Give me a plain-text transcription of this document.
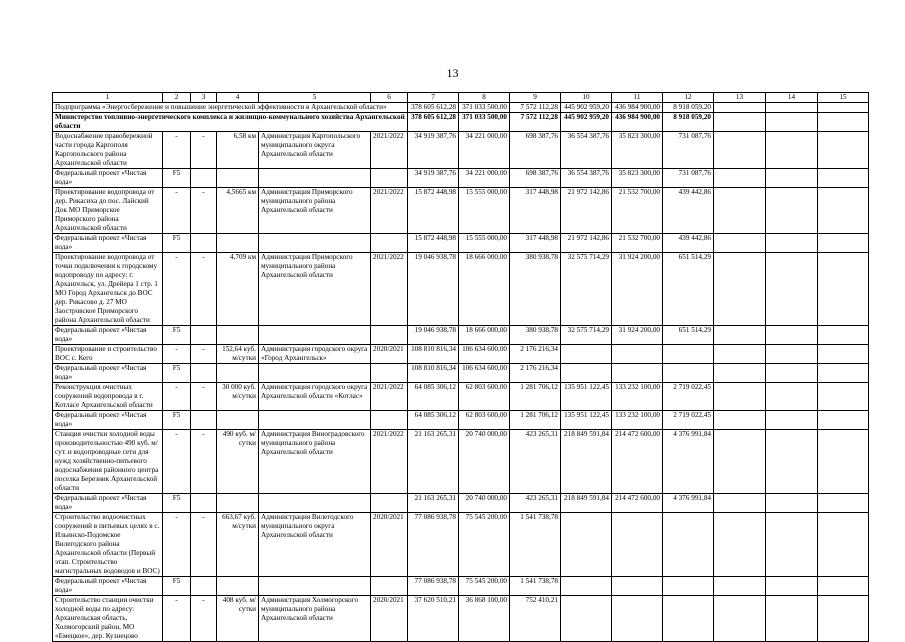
13
1	2	3	4	5	6	7	8	9	10	11	12	13	14	15
Подпрограмма «Энергосбережение и повышение энергетической эффективности в Архангельской области»						378 605 612,28	371 033 500,00	7 572 112,28	445 902 959,20	436 984 900,00	8 918 059,20			
Министерство топливно-энергетического комплекса и жилищно-коммунального хозяйства Архангельской области						378 605 612,28	371 033 500,00	7 572 112,28	445 902 959,20	436 984 900,00	8 918 059,20			
Водоснабжение правобережной части города Каргополя Каргопольского района Архангельской области	-	-	6,58 км	Администрация Каргопольского муниципального округа Архангельской области	2021/2022	34 919 387,76	34 221 000,00	698 387,76	36 554 387,76	35 823 300,00	731 087,76			
Федеральный проект «Чистая вода»	F5					34 919 387,76	34 221 000,00	698 387,76	36 554 387,76	35 823 300,00	731 087,76			
Проектирование водопровода от дер. Рикасиха до пос. Лайский Док МО Приморское Приморского района Архангельской области	-	-	4,5665 км	Администрация Приморского муниципального района Архангельской области	2021/2022	15 872 448,98	15 555 000,00	317 448,98	21 972 142,86	21 532 700,00	439 442,86			
Федеральный проект «Чистая вода»	F5					15 872 448,98	15 555 000,00	317 448,98	21 972 142,86	21 532 700,00	439 442,86			
Проектирование водопровода от точки подключения к городскому водопроводу по адресу: г. Архангельск, ул. Дрейера 1 стр. 1 МО Город Архангельск до ВОС дер. Рикасово д. 27 МО Заостровское Приморского района Архангельской области	-	-	4,709 км	Администрация Приморского муниципального района Архангельской области	2021/2022	19 046 938,78	18 666 000,00	380 938,78	32 575 714,29	31 924 200,00	651 514,29			
Федеральный проект «Чистая вода»	F5					19 046 938,78	18 666 000,00	380 938,78	32 575 714,29	31 924 200,00	651 514,29			
Проектирование и строительство ВОС с. Кего	-	-	152,64 куб. м/сутки	Администрация городского округа «Город Архангельск»	2020/2021	108 810 816,34	106 634 600,00	2 176 216,34						
Федеральный проект «Чистая вода»	F5					108 810 816,34	106 634 600,00	2 176 216,34						
Реконструкция очистных сооружений водопровода в г. Котласе Архангельской области	-	-	30 000 куб. м/сутки	Администрация городского округа Архангельской области «Котлас»	2021/2022	64 085 306,12	62 803 600,00	1 281 706,12	135 951 122,45	133 232 100,00	2 719 022,45			
Федеральный проект «Чистая вода»	F5					64 085 306,12	62 803 600,00	1 281 706,12	135 951 122,45	133 232 100,00	2 719 022,45			
Станция очистки холодной воды производительностью 490 куб. м/сут. и водопроводные сети для нужд хозяйственно-питьевого водоснабжения районного центра поселка Березник Архангельской области	-	-	490 куб. м/сутки	Администрация Виноградовского муниципального района Архангельской области	2021/2022	21 163 265,31	20 740 000,00	423 265,31	218 849 591,84	214 472 600,00	4 376 991,84			
Федеральный проект «Чистая вода»	F5					21 163 265,31	20 740 000,00	423 265,31	218 849 591,84	214 472 600,00	4 376 991,84			
Строительство водоочистных сооружений в питьевых целях в с. Ильинско-Подомское Вилегодского района Архангельской области (Первый этап. Строительство магистральных водоводов и ВОС)	-	-	663,67 куб. м/сутки	Администрация Вилегодского муниципального округа Архангельской области	2020/2021	77 086 938,78	75 545 200,00	1 541 738,78						
Федеральный проект «Чистая вода»	F5					77 086 938,78	75 545 200,00	1 541 738,78						
Строительство станции очистки холодной воды по адресу: Архангельская область, Холмогорский район, МО «Емецкое», дер. Кузнецово	-	-	408 куб. м/сутки	Администрация Холмогорского муниципального района Архангельской области	2020/2021	37 620 510,21	36 868 100,00	752 410,21						
